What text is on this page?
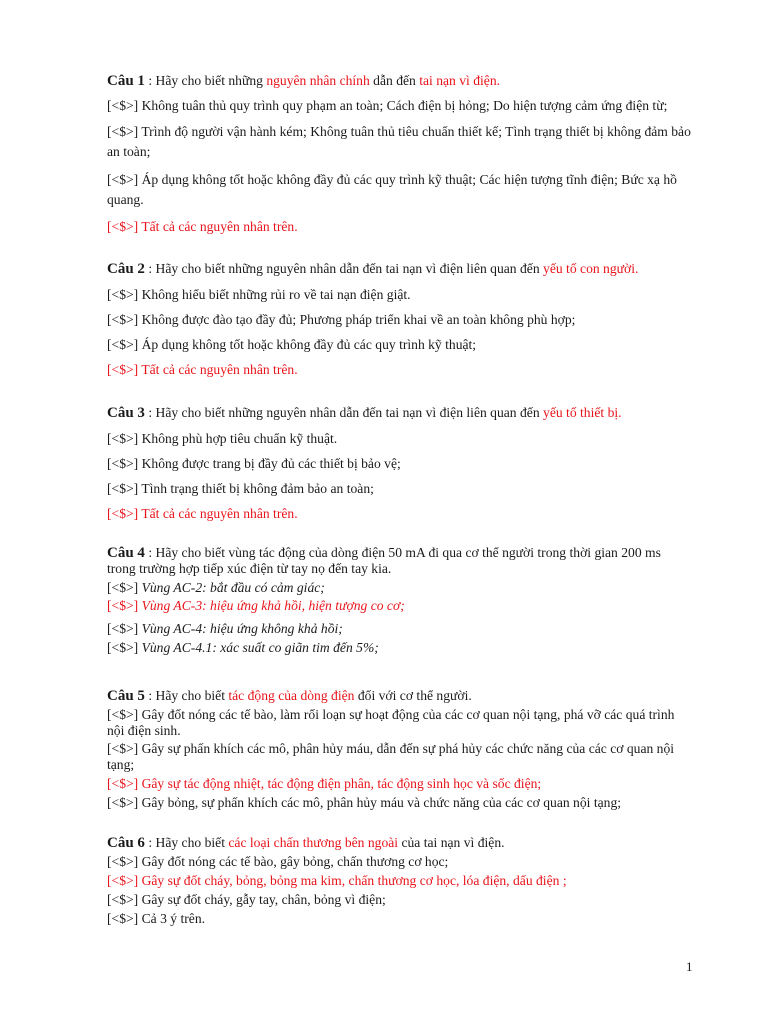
Câu 1 : Hãy cho biết những nguyên nhân chính dẫn đến tai nạn vì điện.
[<$>] Không tuân thủ quy trình quy phạm an toàn; Cách điện bị hỏng; Do hiện tượng cảm ứng điện từ;
[<$>] Trình độ người vận hành kém; Không tuân thủ tiêu chuẩn thiết kế; Tình trạng thiết bị không đảm bảo an toàn;
[<$>] Áp dụng không tốt hoặc không đầy đủ các quy trình kỹ thuật; Các hiện tượng tĩnh điện; Bức xạ hồ quang.
[<$>] Tất cả các nguyên nhân trên.
Câu 2 : Hãy cho biết những nguyên nhân dẫn đến tai nạn vì điện liên quan đến yếu tố con người.
[<$>] Không hiểu biết những rủi ro về tai nạn điện giật.
[<$>] Không được đào tạo đầy đủ; Phương pháp triển khai về an toàn không phù hợp;
[<$>] Áp dụng không tốt hoặc không đầy đủ các quy trình kỹ thuật;
[<$>] Tất cả các nguyên nhân trên.
Câu 3 : Hãy cho biết những nguyên nhân dẫn đến tai nạn vì điện liên quan đến yếu tố thiết bị.
[<$>] Không phù hợp tiêu chuẩn kỹ thuật.
[<$>] Không được trang bị đầy đủ các thiết bị bảo vệ;
[<$>] Tình trạng thiết bị không đảm bảo an toàn;
[<$>] Tất cả các nguyên nhân trên.
Câu 4 : Hãy cho biết vùng tác động của dòng điện 50 mA đi qua cơ thể người trong thời gian 200 ms trong trường hợp tiếp xúc điện từ tay nọ đến tay kia.
[<$>] Vùng AC-2: bắt đầu có cảm giác;
[<$>] Vùng AC-3: hiệu ứng khả hồi, hiện tượng co cơ;
[<$>] Vùng AC-4: hiệu ứng không khả hồi;
[<$>] Vùng AC-4.1: xác suất co giãn tim đến 5%;
Câu 5 : Hãy cho biết tác động của dòng điện đối với cơ thể người.
[<$>] Gây đốt nóng các tế bào, làm rối loạn sự hoạt động của các cơ quan nội tạng, phá vỡ các quá trình nội điện sinh.
[<$>] Gây sự phấn khích các mô, phân hủy máu, dẫn đến sự phá hủy các chức năng của các cơ quan nội tạng;
[<$>] Gây sự tác động nhiệt, tác động điện phân, tác động sinh học và sốc điện;
[<$>] Gây bỏng, sự phấn khích các mô, phân hủy máu và chức năng của các cơ quan nội tạng;
Câu 6 : Hãy cho biết các loại chấn thương bên ngoài của tai nạn vì điện.
[<$>] Gây đốt nóng các tế bào, gây bỏng, chấn thương cơ học;
[<$>] Gây sự đốt cháy, bỏng, bỏng ma kim, chấn thương cơ học, lóa điện, dấu điện ;
[<$>] Gây sự đốt cháy, gẫy tay, chân, bỏng vì điện;
[<$>] Cả 3 ý trên.
1
